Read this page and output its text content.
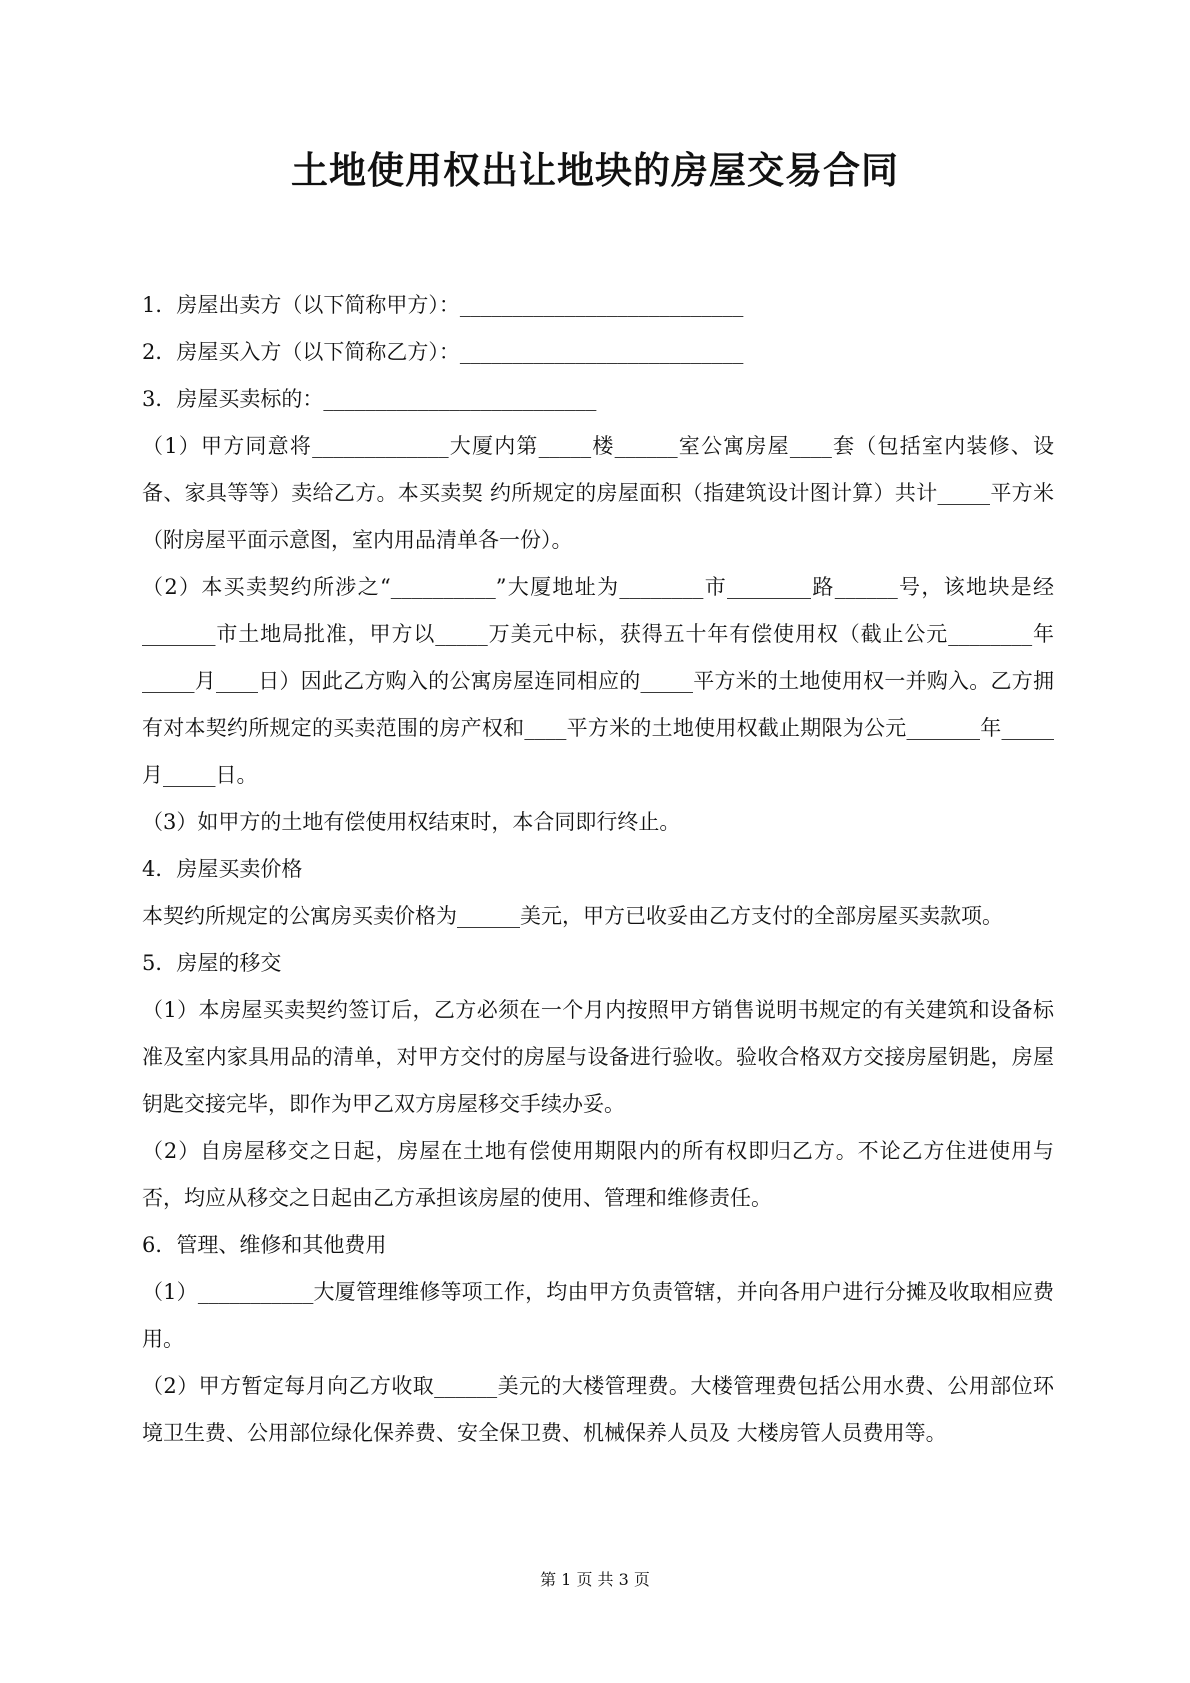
土地使用权出让地块的房屋交易合同
1．房屋出卖方（以下简称甲方）：___________________________
2．房屋买入方（以下简称乙方）：___________________________
3．房屋买卖标的：__________________________
（1）甲方同意将_____________大厦内第_____楼______室公寓房屋____套（包括室内装修、设备、家具等等）卖给乙方。本买卖契 约所规定的房屋面积（指建筑设计图计算）共计_____平方米（附房屋平面示意图，室内用品清单各一份）。
（2）本买卖契约所涉之“__________”大厦地址为________市________路______号，该地块是经_______市土地局批准，甲方以_____万美元中标，获得五十年有偿使用权（截止公元________年_____月____日）因此乙方购入的公寓房屋连同相应的_____平方米的土地使用权一并购入。乙方拥有对本契约所规定的买卖范围的房产权和____平方米的土地使用权截止期限为公元_______年_____月_____日。
（3）如甲方的土地有偿使用权结束时，本合同即行终止。
4．房屋买卖价格
本契约所规定的公寓房买卖价格为______美元，甲方已收妥由乙方支付的全部房屋买卖款项。
5．房屋的移交
（1）本房屋买卖契约签订后，乙方必须在一个月内按照甲方销售说明书规定的有关建筑和设备标准及室内家具用品的清单，对甲方交付的房屋与设备进行验收。验收合格双方交接房屋钥匙，房屋钥匙交接完毕，即作为甲乙双方房屋移交手续办妥。
（2）自房屋移交之日起，房屋在土地有偿使用期限内的所有权即归乙方。不论乙方住进使用与否，均应从移交之日起由乙方承担该房屋的使用、管理和维修责任。
6．管理、维修和其他费用
（1）___________大厦管理维修等项工作，均由甲方负责管辖，并向各用户进行分摊及收取相应费用。
（2）甲方暂定每月向乙方收取______美元的大楼管理费。大楼管理费包括公用水费、公用部位环境卫生费、公用部位绿化保养费、安全保卫费、机械保养人员及 大楼房管人员费用等。
第 1 页 共 3 页
